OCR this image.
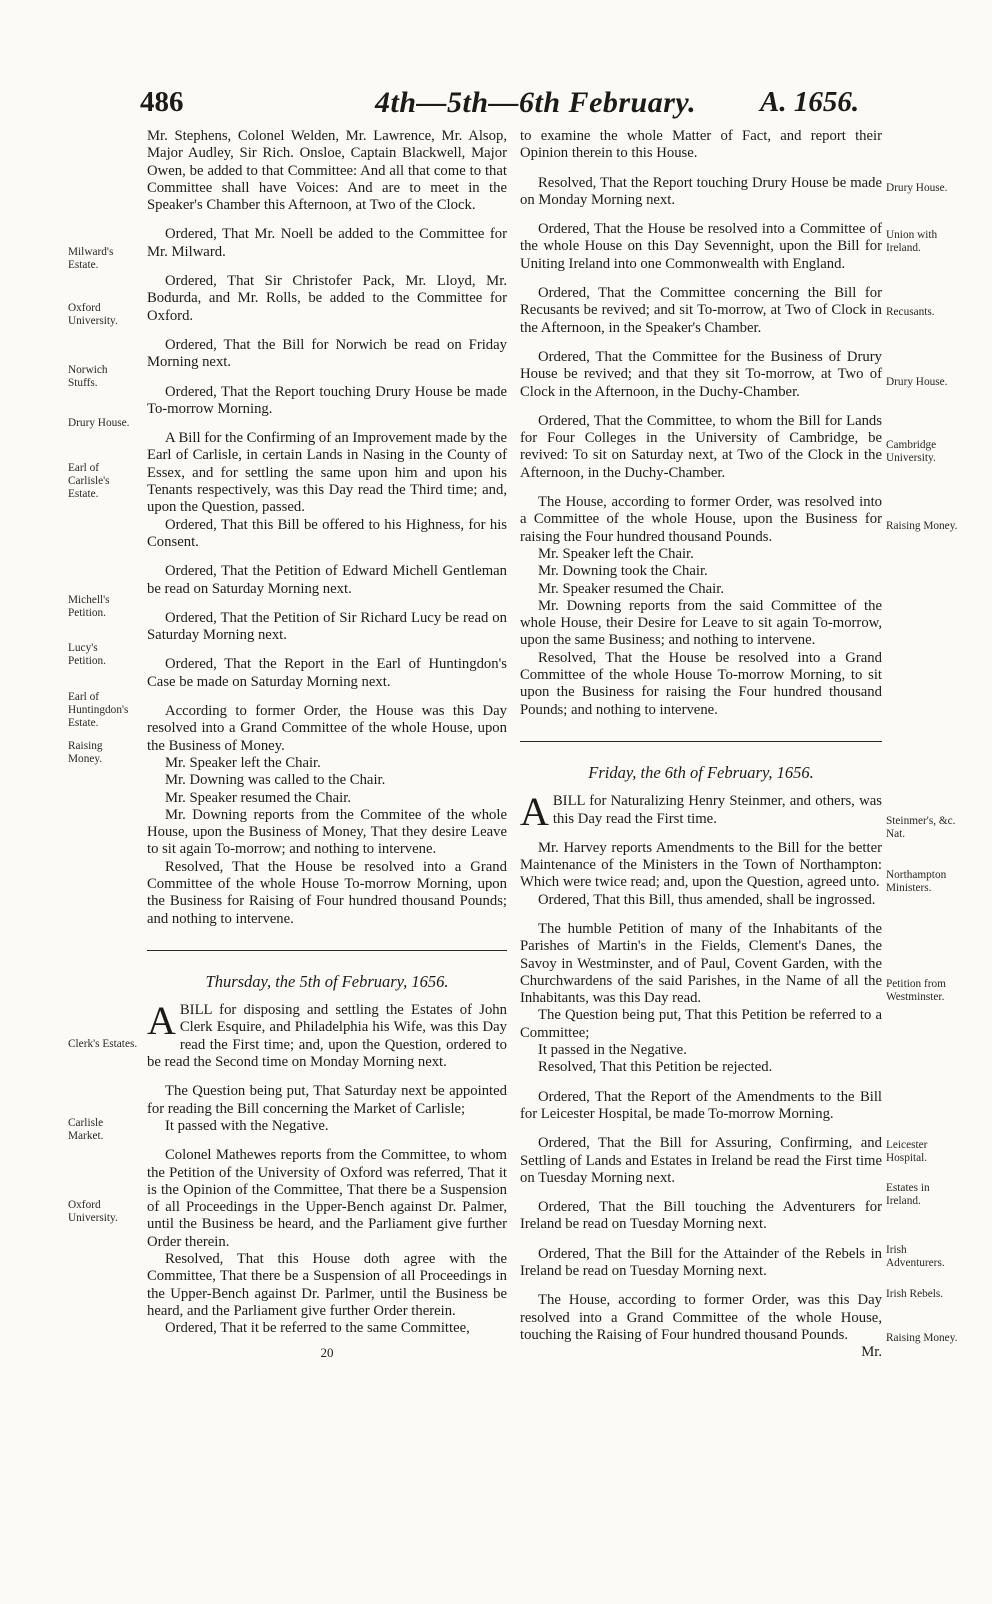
486	4th—5th—6th February. A. 1656.
Milward's Estate.
Oxford University.
Norwich Stuffs.
Drury House.
Earl of Carlisle's Estate.
Michell's Petition.
Lucy's Petition.
Earl of Huntingdon's Estate.
Raising Money.
Clerk's Estates.
Carlisle Market.
Oxford University.
Drury House.
Union with Ireland.
Recusants.
Drury House.
Cambridge University.
Raising Money.
Steinmer's, &c. Nat.
Northampton Ministers.
Petition from Westminster.
Leicester Hospital.
Estates in Ireland.
Irish Adventurers.
Irish Rebels.
Raising Money.

Mr. Stephens, Colonel Welden, Mr. Lawrence, Mr. Alsop, Major Audley, Sir Rich. Onsloe, Captain Blackwell, Major Owen, be added to that Committee: And all that come to that Committee shall have Voices: And are to meet in the Speaker's Chamber this Afternoon, at Two of the Clock.

Ordered, That Mr. Noell be added to the Committee for Mr. Milward.

Ordered, That Sir Christofer Pack, Mr. Lloyd, Mr. Bodurda, and Mr. Rolls, be added to the Committee for Oxford.

Ordered, That the Bill for Norwich be read on Friday Morning next.

Ordered, That the Report touching Drury House be made To-morrow Morning.

A Bill for the Confirming of an Improvement made by the Earl of Carlisle, in certain Lands in Nasing in the County of Essex, and for settling the same upon him and upon his Tenants respectively, was this Day read the Third time; and, upon the Question, passed.

Ordered, That this Bill be offered to his Highness, for his Consent.

Ordered, That the Petition of Edward Michell Gentleman be read on Saturday Morning next.

Ordered, That the Petition of Sir Richard Lucy be read on Saturday Morning next.

Ordered, That the Report in the Earl of Huntingdon's Case be made on Saturday Morning next.

According to former Order, the House was this Day resolved into a Grand Committee of the whole House, upon the Business of Money.

Mr. Speaker left the Chair.

Mr. Downing was called to the Chair.

Mr. Speaker resumed the Chair.

Mr. Downing reports from the Commitee of the whole House, upon the Business of Money, That they desire Leave to sit again To-morrow; and nothing to intervene.

Resolved, That the House be resolved into a Grand Committee of the whole House To-morrow Morning, upon the Business for Raising of Four hundred thousand Pounds; and nothing to intervene.

Thursday, the 5th of February, 1656.

ABILL for disposing and settling the Estates of John Clerk Esquire, and Philadelphia his Wife, was this Day read the First time; and, upon the Question, ordered to be read the Second time on Monday Morning next.

The Question being put, That Saturday next be appointed for reading the Bill concerning the Market of Carlisle;

It passed with the Negative.

Colonel Mathewes reports from the Committee, to whom the Petition of the University of Oxford was referred, That it is the Opinion of the Committee, That there be a Suspension of all Proceedings in the Upper-Bench against Dr. Palmer, until the Business be heard, and the Parliament give further Order therein.

Resolved, That this House doth agree with the Committee, That there be a Suspension of all Proceedings in the Upper-Bench against Dr. Parlmer, until the Business be heard, and the Parliament give further Order therein.

Ordered, That it be referred to the same Committee,

20

to examine the whole Matter of Fact, and report their Opinion therein to this House.

Resolved, That the Report touching Drury House be made on Monday Morning next.

Ordered, That the House be resolved into a Committee of the whole House on this Day Sevennight, upon the Bill for Uniting Ireland into one Commonwealth with England.

Ordered, That the Committee concerning the Bill for Recusants be revived; and sit To-morrow, at Two of Clock in the Afternoon, in the Speaker's Chamber.

Ordered, That the Committee for the Business of Drury House be revived; and that they sit To-morrow, at Two of Clock in the Afternoon, in the Duchy-Chamber.

Ordered, That the Committee, to whom the Bill for Lands for Four Colleges in the University of Cambridge, be revived: To sit on Saturday next, at Two of the Clock in the Afternoon, in the Duchy-Chamber.

The House, according to former Order, was resolved into a Committee of the whole House, upon the Business for raising the Four hundred thousand Pounds.

Mr. Speaker left the Chair.

Mr. Downing took the Chair.

Mr. Speaker resumed the Chair.

Mr. Downing reports from the said Committee of the whole House, their Desire for Leave to sit again To-morrow, upon the same Business; and nothing to intervene.

Resolved, That the House be resolved into a Grand Committee of the whole House To-morrow Morning, to sit upon the Business for raising the Four hundred thousand Pounds; and nothing to intervene.

Friday, the 6th of February, 1656.

ABILL for Naturalizing Henry Steinmer, and others, was this Day read the First time.

Mr. Harvey reports Amendments to the Bill for the better Maintenance of the Ministers in the Town of Northampton: Which were twice read; and, upon the Question, agreed unto.

Ordered, That this Bill, thus amended, shall be ingrossed.

The humble Petition of many of the Inhabitants of the Parishes of Martin's in the Fields, Clement's Danes, the Savoy in Westminster, and of Paul, Covent Garden, with the Churchwardens of the said Parishes, in the Name of all the Inhabitants, was this Day read.

The Question being put, That this Petition be referred to a Committee;

It passed in the Negative.

Resolved, That this Petition be rejected.

Ordered, That the Report of the Amendments to the Bill for Leicester Hospital, be made To-morrow Morning.

Ordered, That the Bill for Assuring, Confirming, and Settling of Lands and Estates in Ireland be read the First time on Tuesday Morning next.

Ordered, That the Bill touching the Adventurers for Ireland be read on Tuesday Morning next.

Ordered, That the Bill for the Attainder of the Rebels in Ireland be read on Tuesday Morning next.

The House, according to former Order, was this Day resolved into a Grand Committee of the whole House, touching the Raising of Four hundred thousand Pounds.

Mr.
